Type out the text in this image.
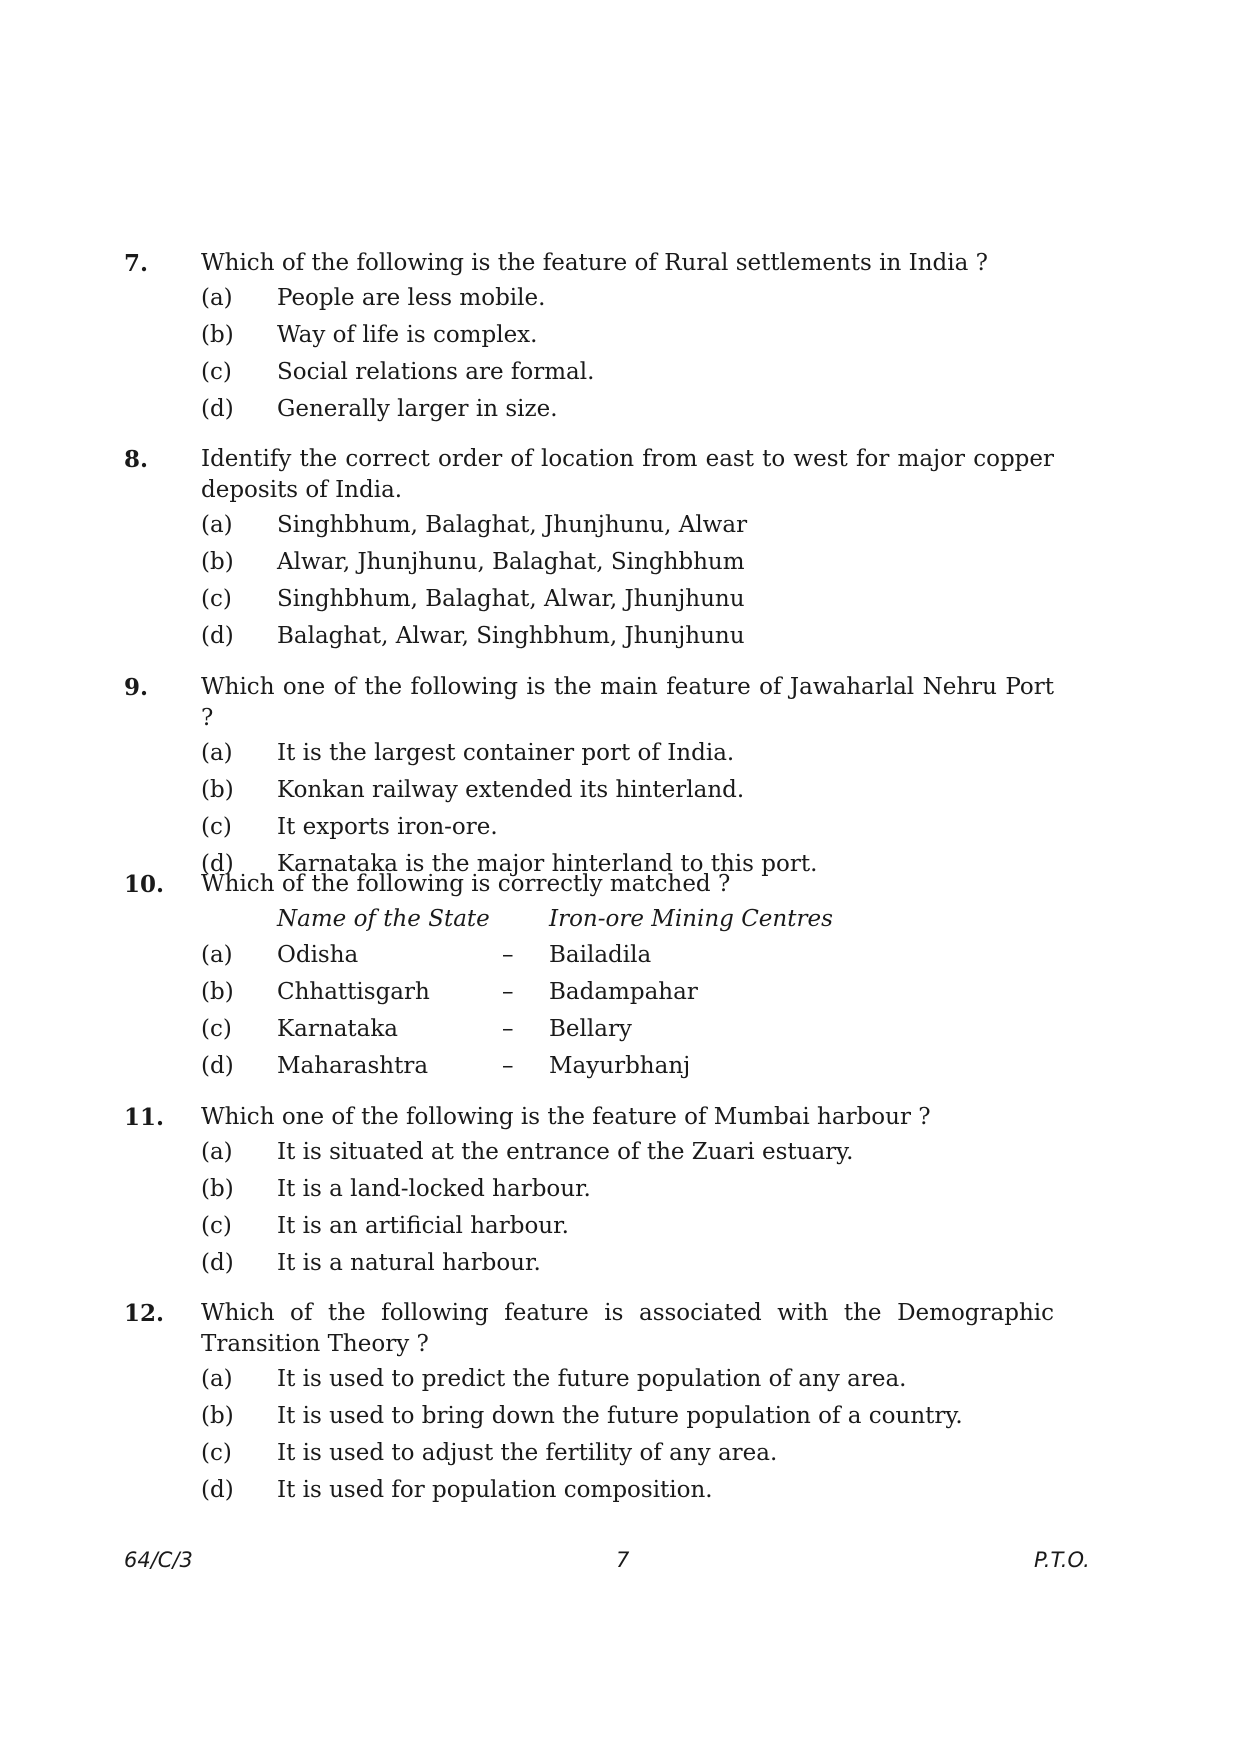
7. Which of the following is the feature of Rural settlements in India ?
(a)	People are less mobile.
(b)	Way of life is complex.
(c)	Social relations are formal.
(d)	Generally larger in size.
8. Identify the correct order of location from east to west for major copper deposits of India.
(a)	Singhbhum, Balaghat, Jhunjhunu, Alwar
(b)	Alwar, Jhunjhunu, Balaghat, Singhbhum
(c)	Singhbhum, Balaghat, Alwar, Jhunjhunu
(d)	Balaghat, Alwar, Singhbhum, Jhunjhunu
9. Which one of the following is the main feature of Jawaharlal Nehru Port ?
(a)	It is the largest container port of India.
(b)	Konkan railway extended its hinterland.
(c)	It exports iron-ore.
(d)	Karnataka is the major hinterland to this port.
10. Which of the following is correctly matched ?
Name of the State	Iron-ore Mining Centres
(a)	Odisha	–	Bailadila
(b)	Chhattisgarh	–	Badampahar
(c)	Karnataka	–	Bellary
(d)	Maharashtra	–	Mayurbhanj
11. Which one of the following is the feature of Mumbai harbour ?
(a)	It is situated at the entrance of the Zuari estuary.
(b)	It is a land-locked harbour.
(c)	It is an artificial harbour.
(d)	It is a natural harbour.
12. Which of the following feature is associated with the Demographic Transition Theory ?
(a)	It is used to predict the future population of any area.
(b)	It is used to bring down the future population of a country.
(c)	It is used to adjust the fertility of any area.
(d)	It is used for population composition.
64/C/3	7	P.T.O.
